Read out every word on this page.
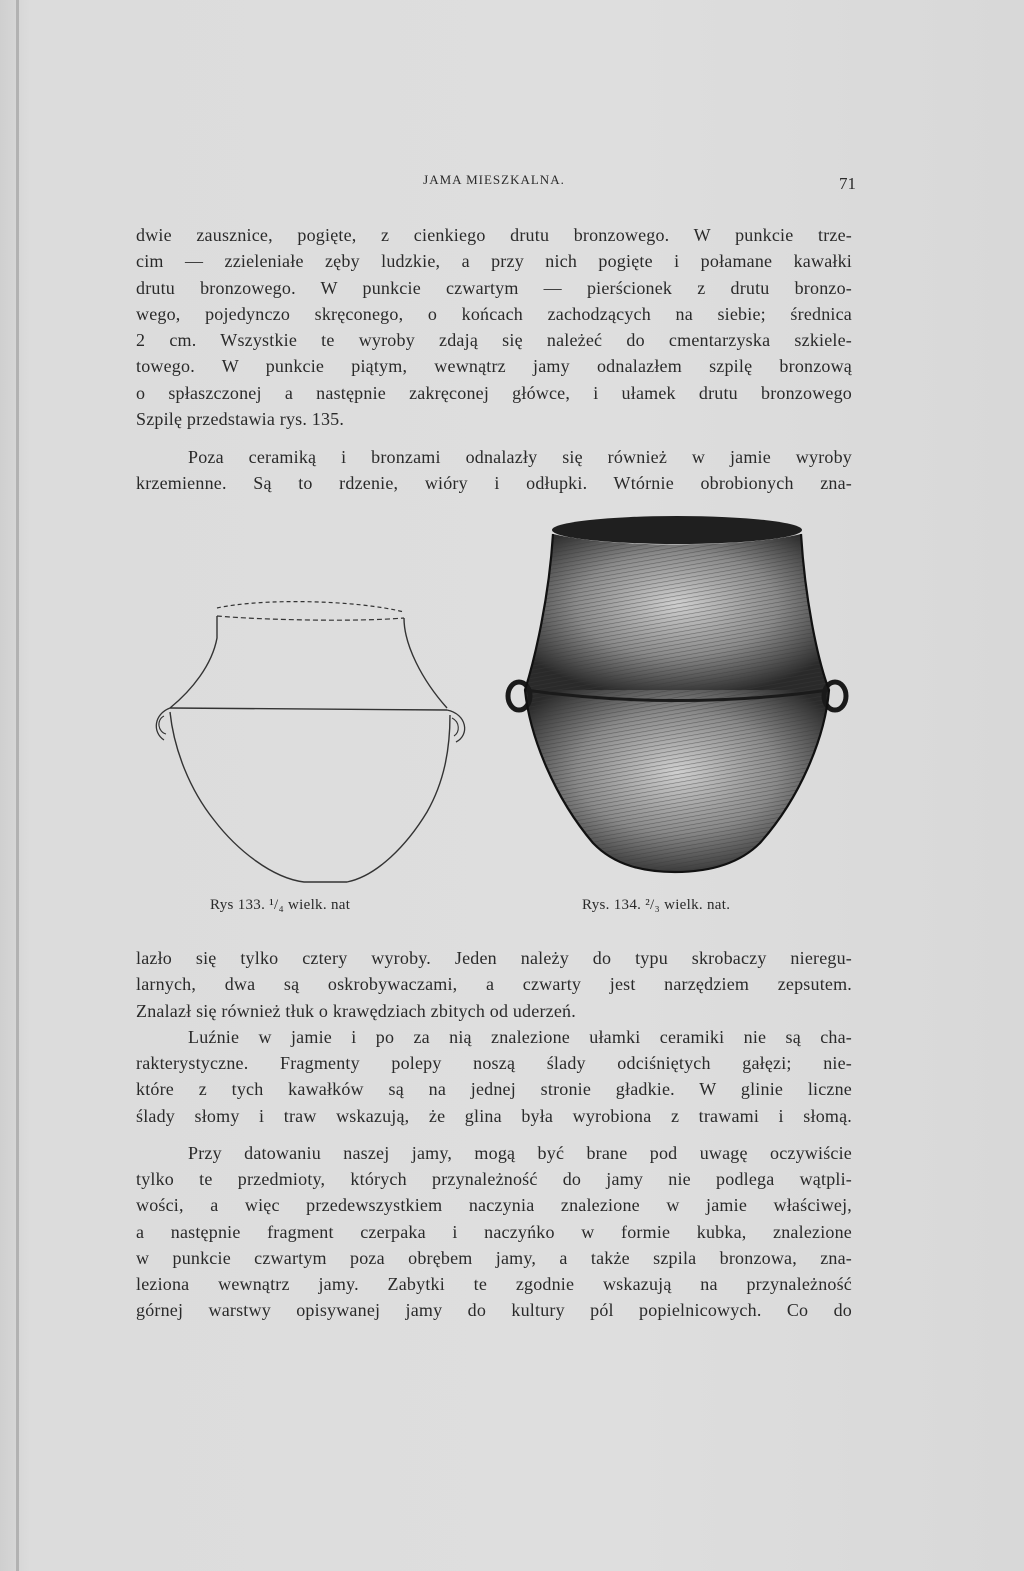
JAMA MIESZKALNA.	71
dwie zausznice, pogięte, z cienkiego drutu bronzowego. W punkcie trze-
cim — zzieleniałe zęby ludzkie, a przy nich pogięte i połamane kawałki
drutu bronzowego. W punkcie czwartym — pierścionek z drutu bronzo-
wego, pojedynczo skręconego, o końcach zachodzących na siebie; średnica
2 cm. Wszystkie te wyroby zdają się należeć do cmentarzyska szkiele-
towego. W punkcie piątym, wewnątrz jamy odnalazłem szpilę bronzową
o spłaszczonej a następnie zakręconej główce, i ułamek drutu bronzowego
Szpilę przedstawia rys. 135.
Poza ceramiką i bronzami odnalazły się również w jamie wyroby
krzemienne. Są to rdzenie, wióry i odłupki. Wtórnie obrobionych zna-
Rys 133. ¹/₄ wielk. nat	Rys. 134. ²/₃ wielk. nat.
lazło się tylko cztery wyroby. Jeden należy do typu skrobaczy nieregu-
larnych, dwa są oskrobywaczami, a czwarty jest narzędziem zepsutem.
Znalazł się również tłuk o krawędziach zbitych od uderzeń.
Luźnie w jamie i po za nią znalezione ułamki ceramiki nie są cha-
rakterystyczne. Fragmenty polepy noszą ślady odciśniętych gałęzi; nie-
które z tych kawałków są na jednej stronie gładkie. W glinie liczne
ślady słomy i traw wskazują, że glina była wyrobiona z trawami i słomą.
Przy datowaniu naszej jamy, mogą być brane pod uwagę oczywiście
tylko te przedmioty, których przynależność do jamy nie podlega wątpli-
wości, a więc przedewszystkiem naczynia znalezione w jamie właściwej,
a następnie fragment czerpaka i naczyńko w formie kubka, znalezione
w punkcie czwartym poza obrębem jamy, a także szpila bronzowa, zna-
leziona wewnątrz jamy. Zabytki te zgodnie wskazują na przynależność
górnej warstwy opisywanej jamy do kultury pól popielnicowych. Co do
